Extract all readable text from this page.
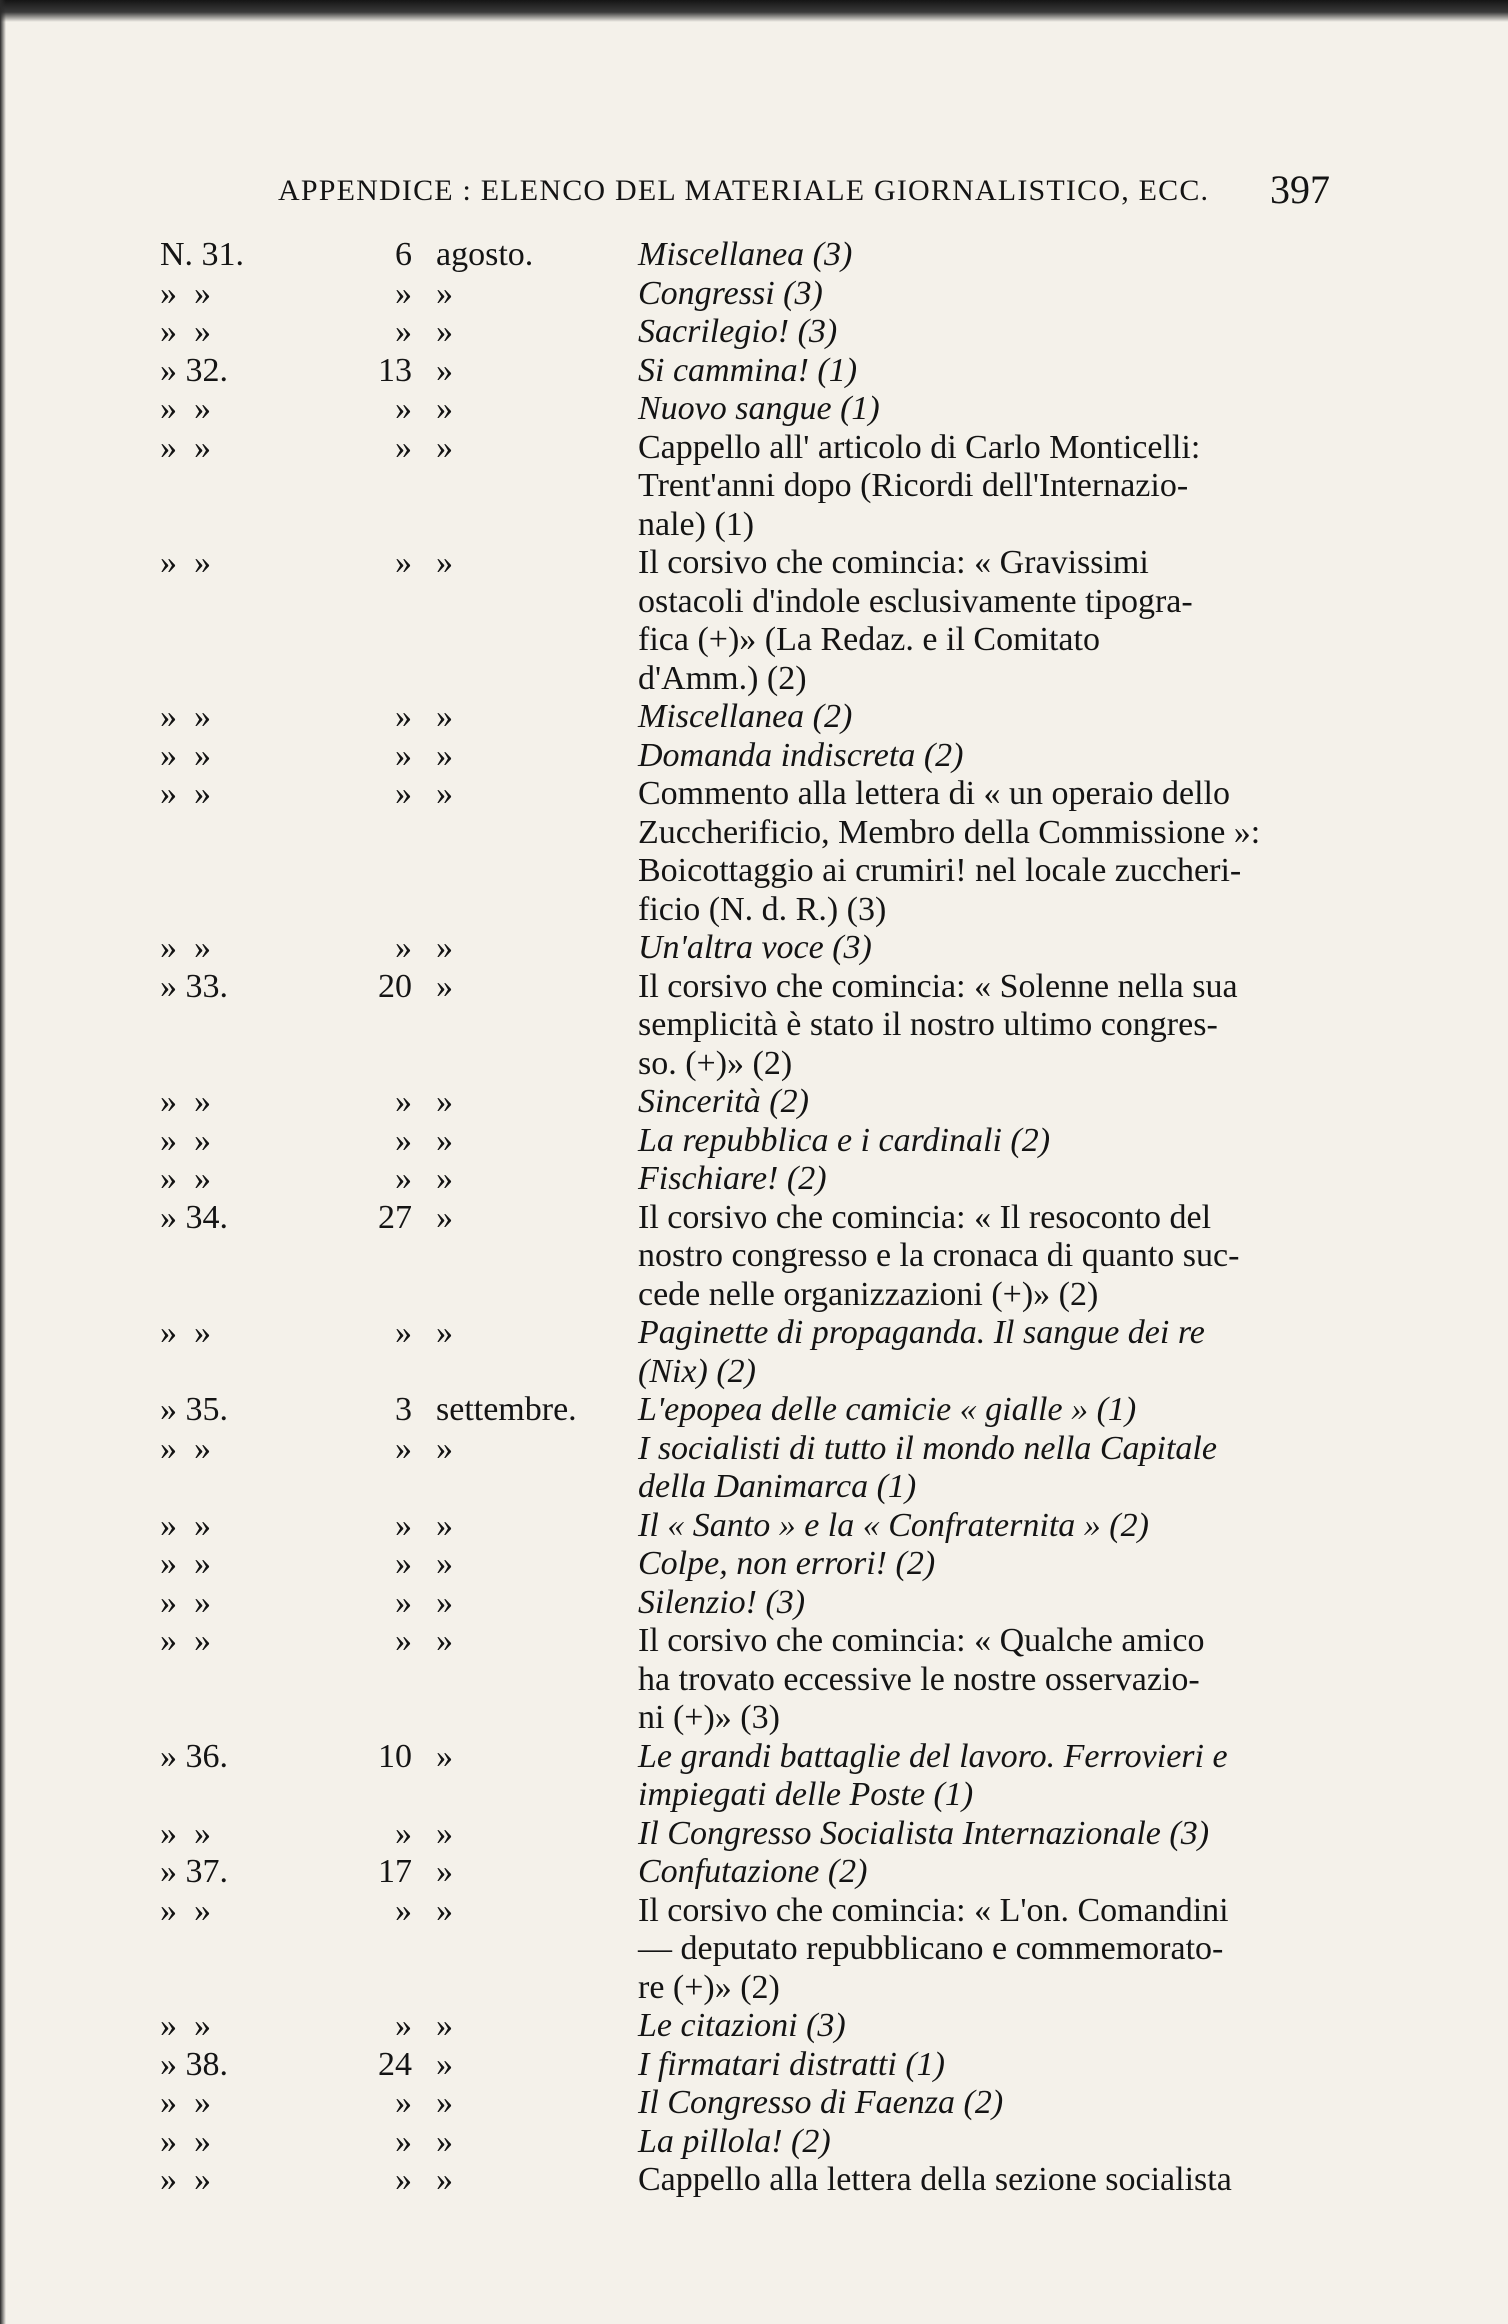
APPENDICE : ELENCO DEL MATERIALE GIORNALISTICO, ECC. 397
N. 31.	6 agosto.	Miscellanea (3)
»  »	» »	Congressi (3)
»  »	» »	Sacrilegio! (3)
» 32.	13 »	Si cammina! (1)
»  »	» »	Nuovo sangue (1)
»  »	» »	Cappello all' articolo di Carlo Monticelli:
Trent'anni dopo (Ricordi dell'Internazio-
nale) (1)
»  »	» »	Il corsivo che comincia: « Gravissimi
ostacoli d'indole esclusivamente tipogra-
fica (+)» (La Redaz. e il Comitato
d'Amm.) (2)
»  »	» »	Miscellanea (2)
»  »	» »	Domanda indiscreta (2)
»  »	» »	Commento alla lettera di « un operaio dello
Zuccherificio, Membro della Commissione »:
Boicottaggio ai crumiri! nel locale zuccheri-
ficio (N. d. R.) (3)
»  »	» »	Un'altra voce (3)
» 33.	20 »	Il corsivo che comincia: « Solenne nella sua
semplicità è stato il nostro ultimo congres-
so. (+)» (2)
»  »	» »	Sincerità (2)
»  »	» »	La repubblica e i cardinali (2)
»  »	» »	Fischiare! (2)
» 34.	27 »	Il corsivo che comincia: « Il resoconto del
nostro congresso e la cronaca di quanto suc-
cede nelle organizzazioni (+)» (2)
»  »	» »	Paginette di propaganda. Il sangue dei re
(Nix) (2)
» 35.	3 settembre.	L'epopea delle camicie « gialle » (1)
»  »	» »	I socialisti di tutto il mondo nella Capitale
della Danimarca (1)
»  »	» »	Il « Santo » e la « Confraternita » (2)
»  »	» »	Colpe, non errori! (2)
»  »	» »	Silenzio! (3)
»  »	» »	Il corsivo che comincia: « Qualche amico
ha trovato eccessive le nostre osservazio-
ni (+)» (3)
» 36.	10 »	Le grandi battaglie del lavoro. Ferrovieri e
impiegati delle Poste (1)
»  »	» »	Il Congresso Socialista Internazionale (3)
» 37.	17 »	Confutazione (2)
»  »	» »	Il corsivo che comincia: « L'on. Comandini
— deputato repubblicano e commemorato-
re (+)» (2)
»  »	» »	Le citazioni (3)
» 38.	24 »	I firmatari distratti (1)
»  »	» »	Il Congresso di Faenza (2)
»  »	» »	La pillola! (2)
»  »	» »	Cappello alla lettera della sezione socialista
